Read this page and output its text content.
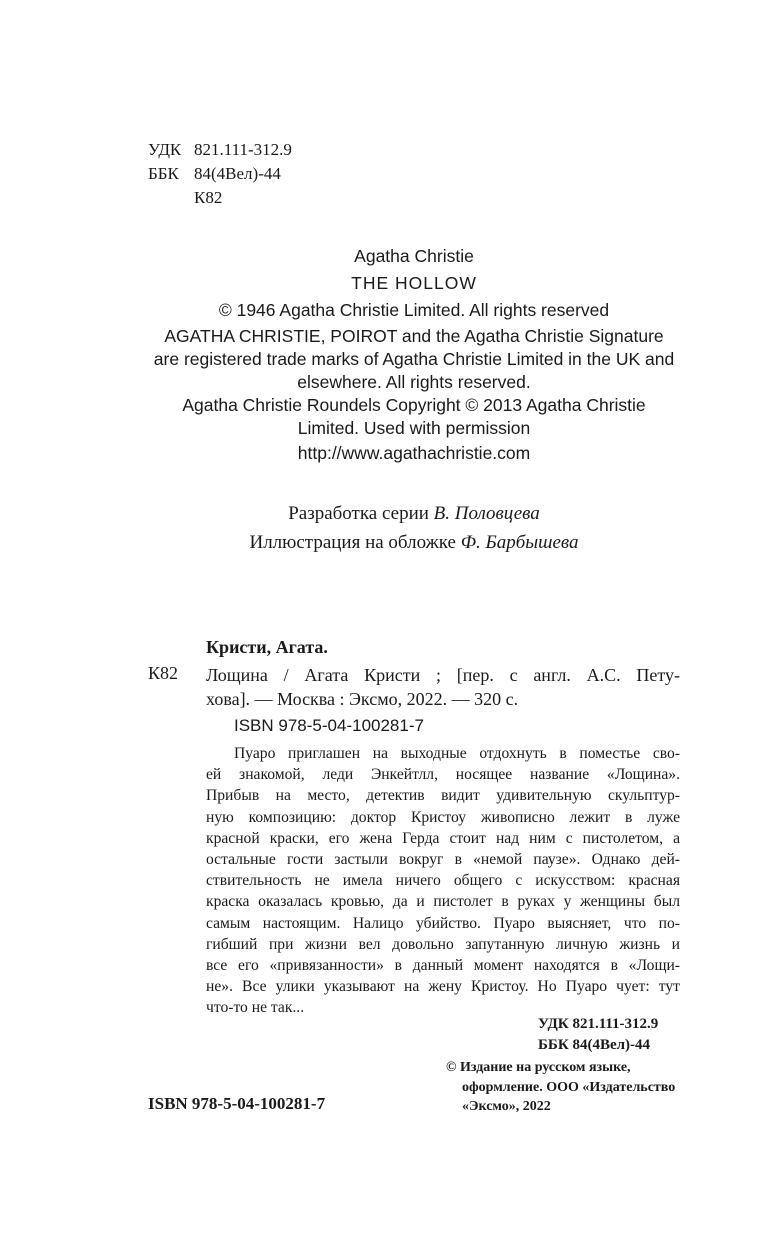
УДК 821.111-312.9
ББК 84(4Вел)-44
К82
Agatha Christie
THE HOLLOW
© 1946 Agatha Christie Limited. All rights reserved
AGATHA CHRISTIE, POIROT and the Agatha Christie Signature
are registered trade marks of Agatha Christie Limited in the UK and
elsewhere. All rights reserved.
Agatha Christie Roundels Copyright © 2013 Agatha Christie
Limited. Used with permission
http://www.agathachristie.com
Разработка серии В. Половцева
Иллюстрация на обложке Ф. Барбышева
Кристи, Агата.
К82 Лощина / Агата Кристи ; [пер. с англ. А.С. Пету-
хова]. — Москва : Эксмо, 2022. — 320 с.
ISBN 978-5-04-100281-7
Пуаро приглашен на выходные отдохнуть в поместье сво-
ей знакомой, леди Энкейтлл, носящее название «Лощина».
Прибыв на место, детектив видит удивительную скульптур-
ную композицию: доктор Кристоу живописно лежит в луже
красной краски, его жена Герда стоит над ним с пистолетом, а
остальные гости застыли вокруг в «немой паузе». Однако дей-
ствительность не имела ничего общего с искусством: красная
краска оказалась кровью, да и пистолет в руках у женщины был
самым настоящим. Налицо убийство. Пуаро выясняет, что по-
гибший при жизни вел довольно запутанную личную жизнь и
все его «привязанности» в данный момент находятся в «Лощи-
не». Все улики указывают на жену Кристоу. Но Пуаро чует: тут
что-то не так...
УДК 821.111-312.9
ББК 84(4Вел)-44
ISBN 978-5-04-100281-7
© Издание на русском языке,
оформление. ООО «Издательство
«Эксмо», 2022
